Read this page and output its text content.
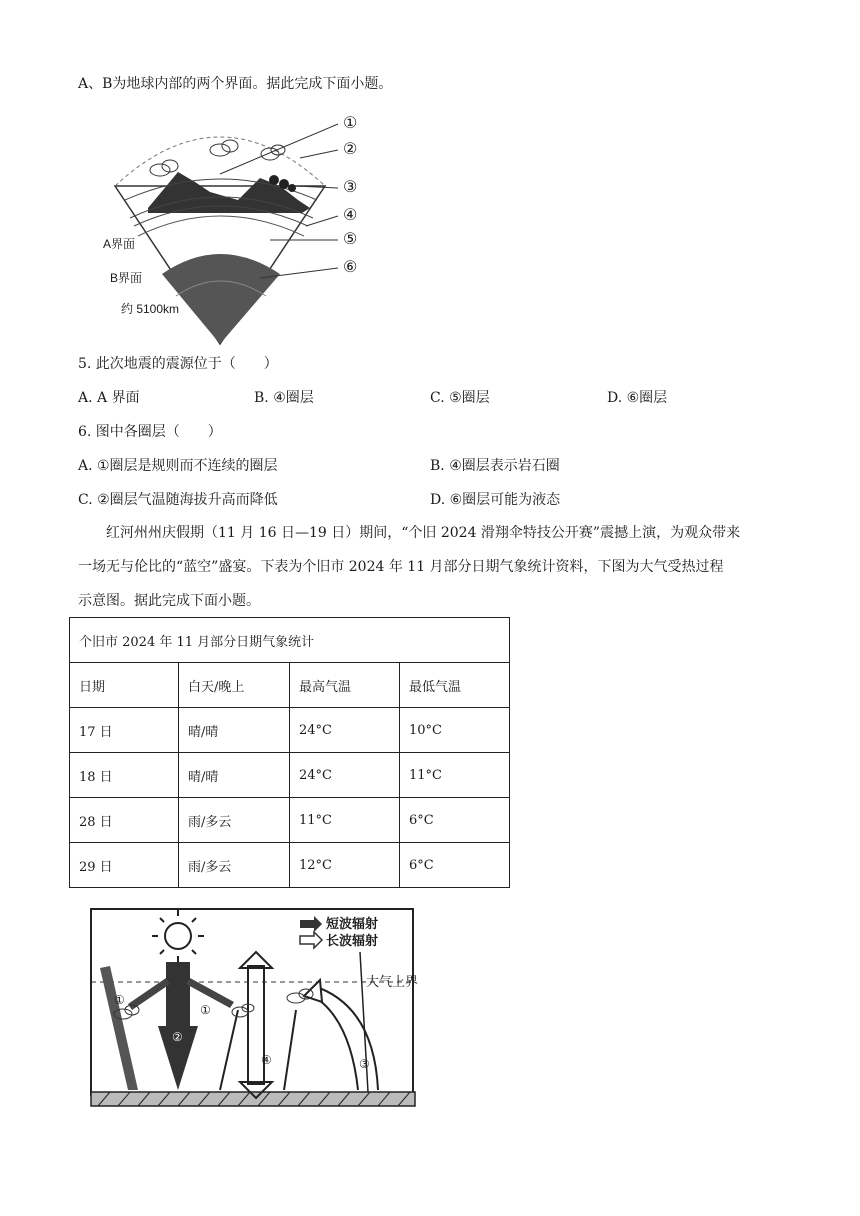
A、B为地球内部的两个界面。据此完成下面小题。
①
②
③
④
⑤
⑥
A界面
B界面
约 5100km
5. 此次地震的震源位于（　　）
A. A 界面	B. ④圈层	C. ⑤圈层	D. ⑥圈层
6. 图中各圈层（　　）
A. ①圈层是规则而不连续的圈层	B. ④圈层表示岩石圈
C. ②圈层气温随海拔升高而降低	D. ⑥圈层可能为液态
红河州州庆假期（11 月 16 日—19 日）期间，“个旧 2024 滑翔伞特技公开赛”震撼上演，为观众带来
一场无与伦比的“蓝空”盛宴。下表为个旧市 2024 年 11 月部分日期气象统计资料，下图为大气受热过程
示意图。据此完成下面小题。
个旧市 2024 年 11 月部分日期气象统计			
日期	白天/晚上	最高气温	最低气温
17 日	晴/晴	24°C	10°C
18 日	晴/晴	24°C	11°C
28 日	雨/多云	11°C	6°C
29 日	雨/多云	12°C	6°C
短波辐射
长波辐射
大气上界
①
①
②
④	③
